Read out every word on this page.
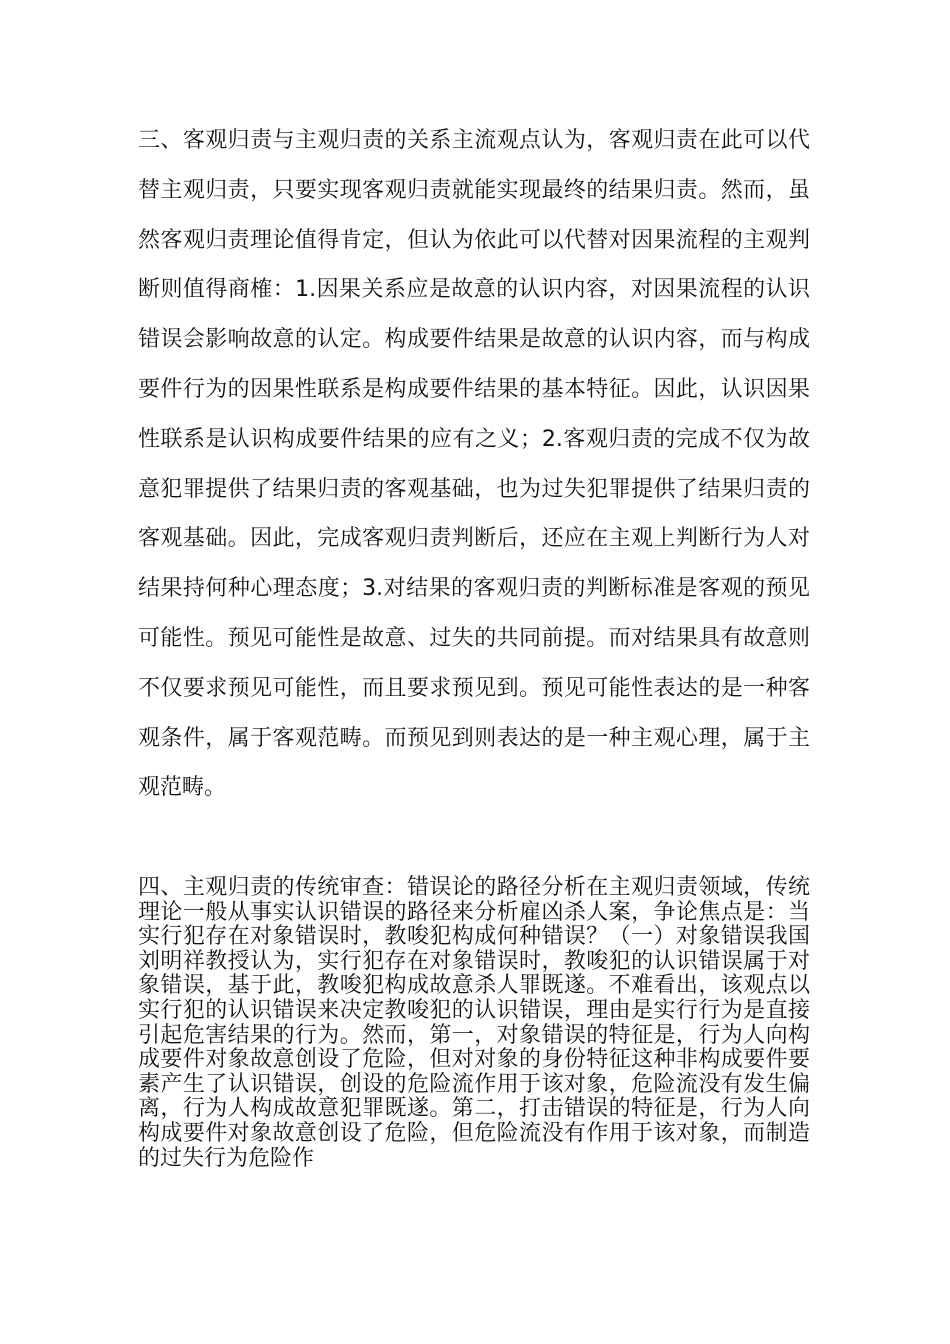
三、客观归责与主观归责的关系主流观点认为，客观归责在此可以代替主观归责，只要实现客观归责就能实现最终的结果归责。然而，虽然客观归责理论值得肯定，但认为依此可以代替对因果流程的主观判断则值得商榷：1.因果关系应是故意的认识内容，对因果流程的认识错误会影响故意的认定。构成要件结果是故意的认识内容，而与构成要件行为的因果性联系是构成要件结果的基本特征。因此，认识因果性联系是认识构成要件结果的应有之义；2.客观归责的完成不仅为故意犯罪提供了结果归责的客观基础，也为过失犯罪提供了结果归责的客观基础。因此，完成客观归责判断后，还应在主观上判断行为人对结果持何种心理态度；3.对结果的客观归责的判断标准是客观的预见可能性。预见可能性是故意、过失的共同前提。而对结果具有故意则不仅要求预见可能性，而且要求预见到。预见可能性表达的是一种客观条件，属于客观范畴。而预见到则表达的是一种主观心理，属于主观范畴。

四、主观归责的传统审查：错误论的路径分析在主观归责领域，传统理论一般从事实认识错误的路径来分析雇凶杀人案，争论焦点是：当实行犯存在对象错误时，教唆犯构成何种错误？（一）对象错误我国刘明祥教授认为，实行犯存在对象错误时，教唆犯的认识错误属于对象错误，基于此，教唆犯构成故意杀人罪既遂。不难看出，该观点以实行犯的认识错误来决定教唆犯的认识错误，理由是实行行为是直接引起危害结果的行为。然而，第一，对象错误的特征是，行为人向构成要件对象故意创设了危险，但对对象的身份特征这种非构成要件要素产生了认识错误，创设的危险流作用于该对象，危险流没有发生偏离，行为人构成故意犯罪既遂。第二，打击错误的特征是，行为人向构成要件对象故意创设了危险，但危险流没有作用于该对象，而制造的过失行为危险作
